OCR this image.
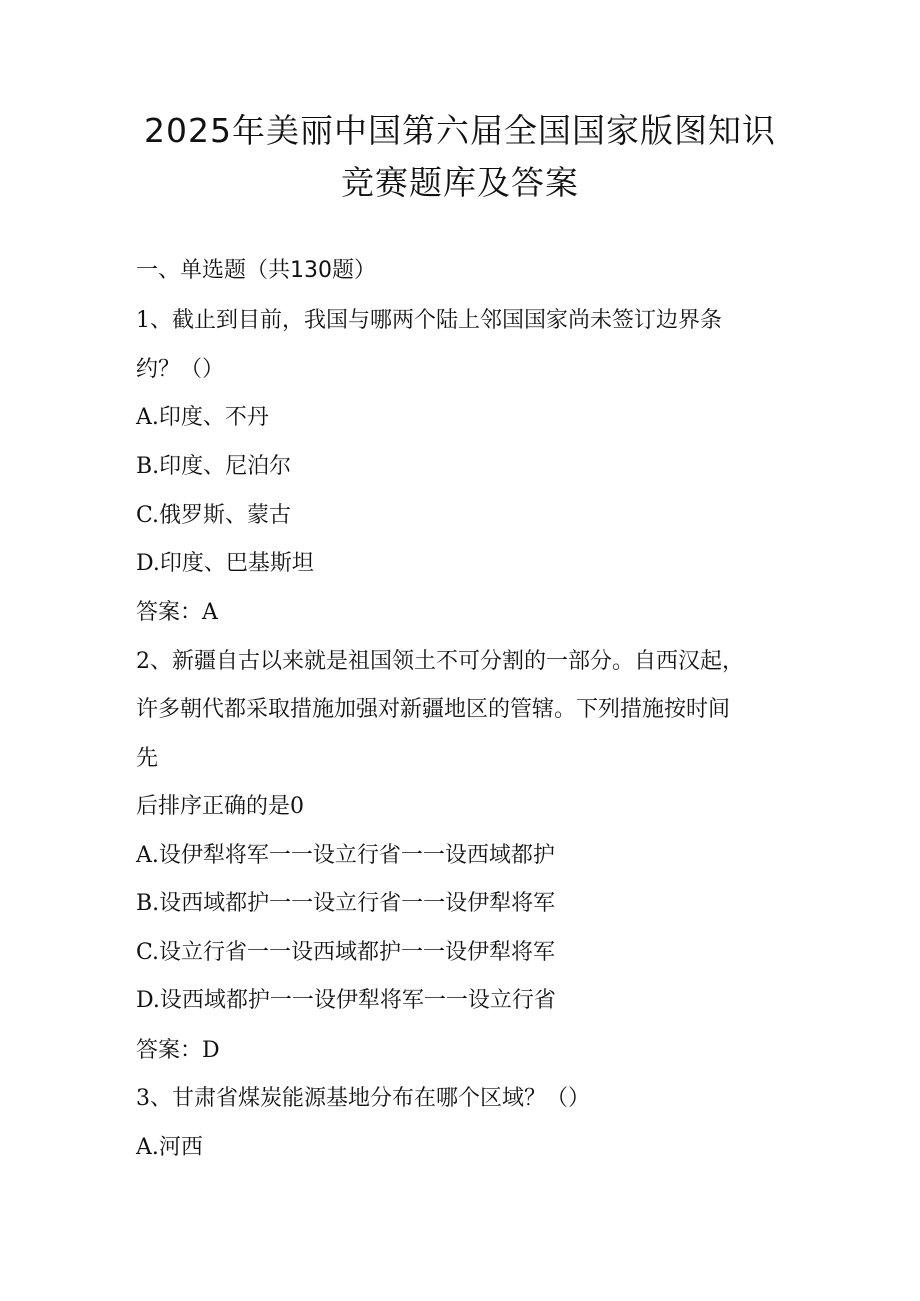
2025年美丽中国第六届全国国家版图知识
竞赛题库及答案
一、单选题（共130题）
1、截止到目前，我国与哪两个陆上邻国国家尚未签订边界条
约？（）
A.印度、不丹
B.印度、尼泊尔
C.俄罗斯、蒙古
D.印度、巴基斯坦
答案：A
2、新疆自古以来就是祖国领土不可分割的一部分。自西汉起，
许多朝代都采取措施加强对新疆地区的管辖。下列措施按时间
先
后排序正确的是0
A.设伊犁将军一一设立行省一一设西域都护
B.设西域都护一一设立行省一一设伊犁将军
C.设立行省一一设西域都护一一设伊犁将军
D.设西域都护一一设伊犁将军一一设立行省
答案：D
3、甘肃省煤炭能源基地分布在哪个区域？（）
A.河西
